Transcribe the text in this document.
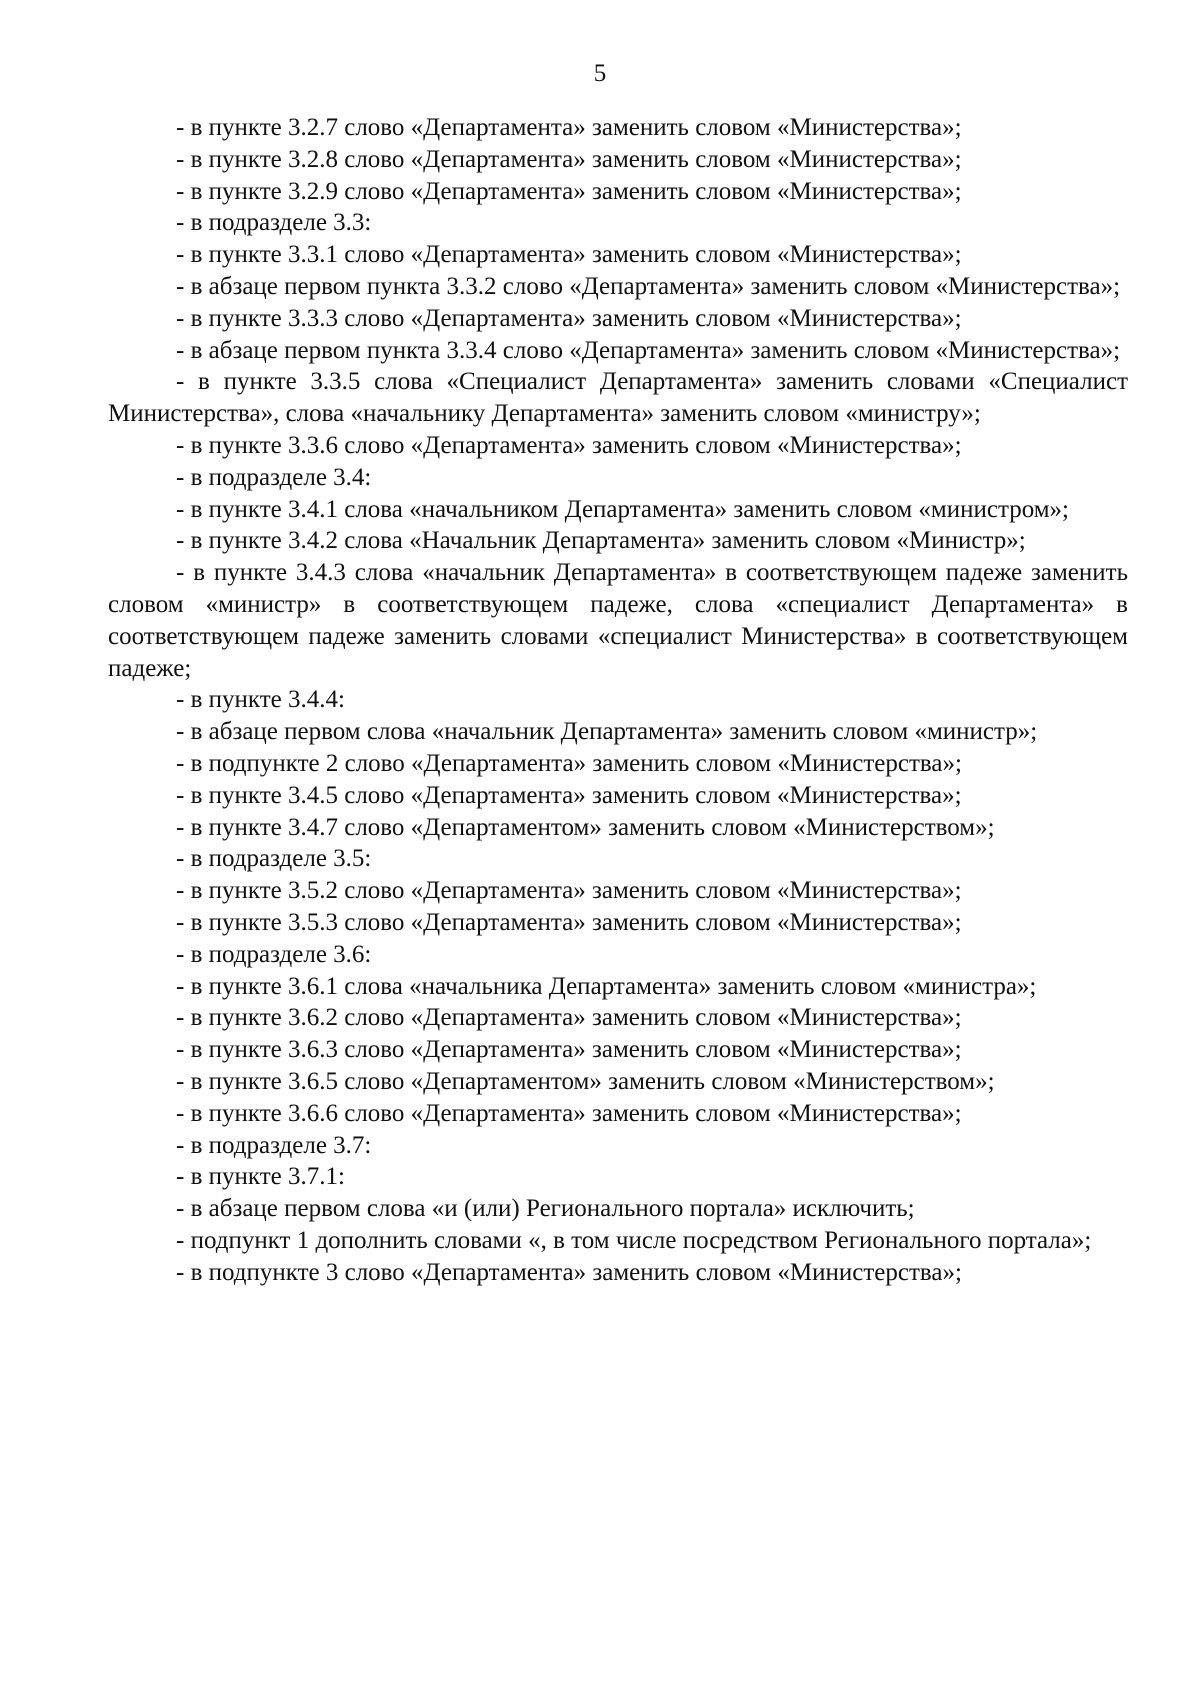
5

- в пункте 3.2.7 слово «Департамента» заменить словом «Министерства»;

- в пункте 3.2.8 слово «Департамента» заменить словом «Министерства»;

- в пункте 3.2.9 слово «Департамента» заменить словом «Министерства»;

- в подразделе 3.3:

- в пункте 3.3.1 слово «Департамента» заменить словом «Министерства»;

- в абзаце первом пункта 3.3.2 слово «Департамента» заменить словом «Министерства»;

- в пункте 3.3.3 слово «Департамента» заменить словом «Министерства»;

- в абзаце первом пункта 3.3.4 слово «Департамента» заменить словом «Министерства»;

- в пункте 3.3.5 слова «Специалист Департамента» заменить словами «Специалист Министерства», слова «начальнику Департамента» заменить словом «министру»;

- в пункте 3.3.6 слово «Департамента» заменить словом «Министерства»;

- в подразделе 3.4:

- в пункте 3.4.1 слова «начальником Департамента» заменить словом «министром»;

- в пункте 3.4.2 слова «Начальник Департамента» заменить словом «Министр»;

- в пункте 3.4.3 слова «начальник Департамента» в соответствующем падеже заменить словом «министр» в соответствующем падеже, слова «специалист Департамента» в соответствующем падеже заменить словами «специалист Министерства» в соответствующем падеже;

- в пункте 3.4.4:

- в абзаце первом слова «начальник Департамента» заменить словом «министр»;

- в подпункте 2 слово «Департамента» заменить словом «Министерства»;

- в пункте 3.4.5 слово «Департамента» заменить словом «Министерства»;

- в пункте 3.4.7 слово «Департаментом» заменить словом «Министерством»;

- в подразделе 3.5:

- в пункте 3.5.2 слово «Департамента» заменить словом «Министерства»;

- в пункте 3.5.3 слово «Департамента» заменить словом «Министерства»;

- в подразделе 3.6:

- в пункте 3.6.1 слова «начальника Департамента» заменить словом «министра»;

- в пункте 3.6.2 слово «Департамента» заменить словом «Министерства»;

- в пункте 3.6.3 слово «Департамента» заменить словом «Министерства»;

- в пункте 3.6.5 слово «Департаментом» заменить словом «Министерством»;

- в пункте 3.6.6 слово «Департамента» заменить словом «Министерства»;

- в подразделе 3.7:

- в пункте 3.7.1:

- в абзаце первом слова «и (или) Регионального портала» исключить;

- подпункт 1 дополнить словами «, в том числе посредством Регионального портала»;

- в подпункте 3 слово «Департамента» заменить словом «Министерства»;
